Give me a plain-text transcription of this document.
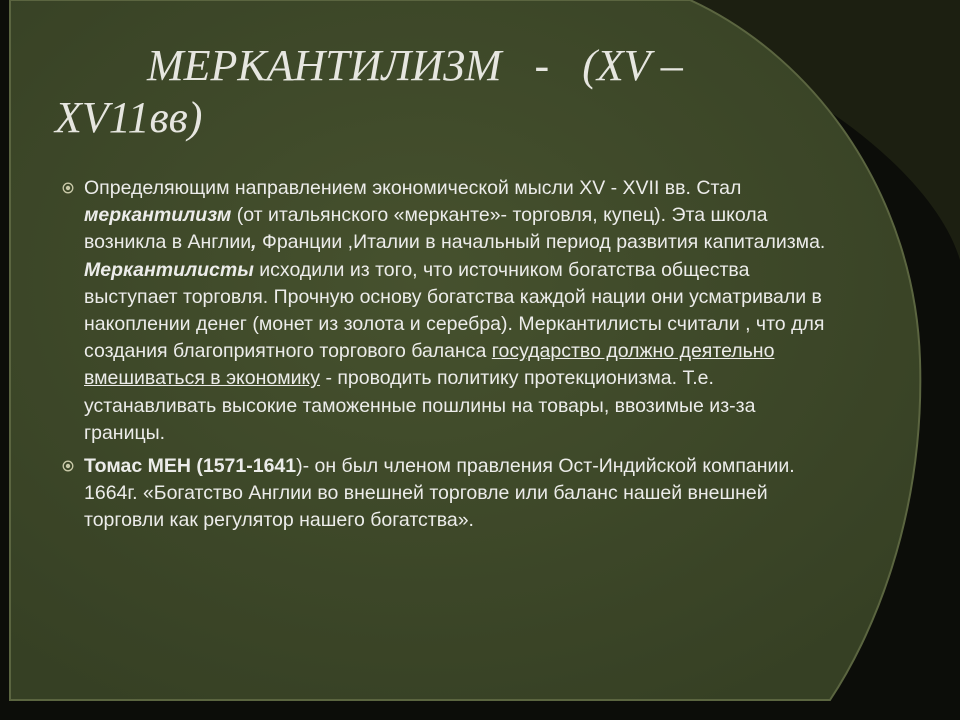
МЕРКАНТИЛИЗМ   -   (XV –
XV11вв)

Определяющим направлением экономической мысли XV - XVII вв. Стал меркантилизм (от итальянского «мерканте»- торговля, купец). Эта школа возникла в Англии, Франции ,Италии в начальный период развития капитализма. Меркантилисты исходили из того, что источником богатства общества выступает торговля. Прочную основу богатства каждой нации они усматривали в накоплении денег (монет из золота и серебра). Меркантилисты считали , что для создания благоприятного торгового баланса государство должно деятельно вмешиваться в экономику - проводить политику протекционизма. Т.е. устанавливать высокие таможенные пошлины на товары, ввозимые из-за границы.

Томас МЕН (1571-1641)- он был членом правления Ост-Индийской компании. 1664г. «Богатство Англии во внешней торговле или баланс нашей внешней торговли как регулятор нашего богатства».
